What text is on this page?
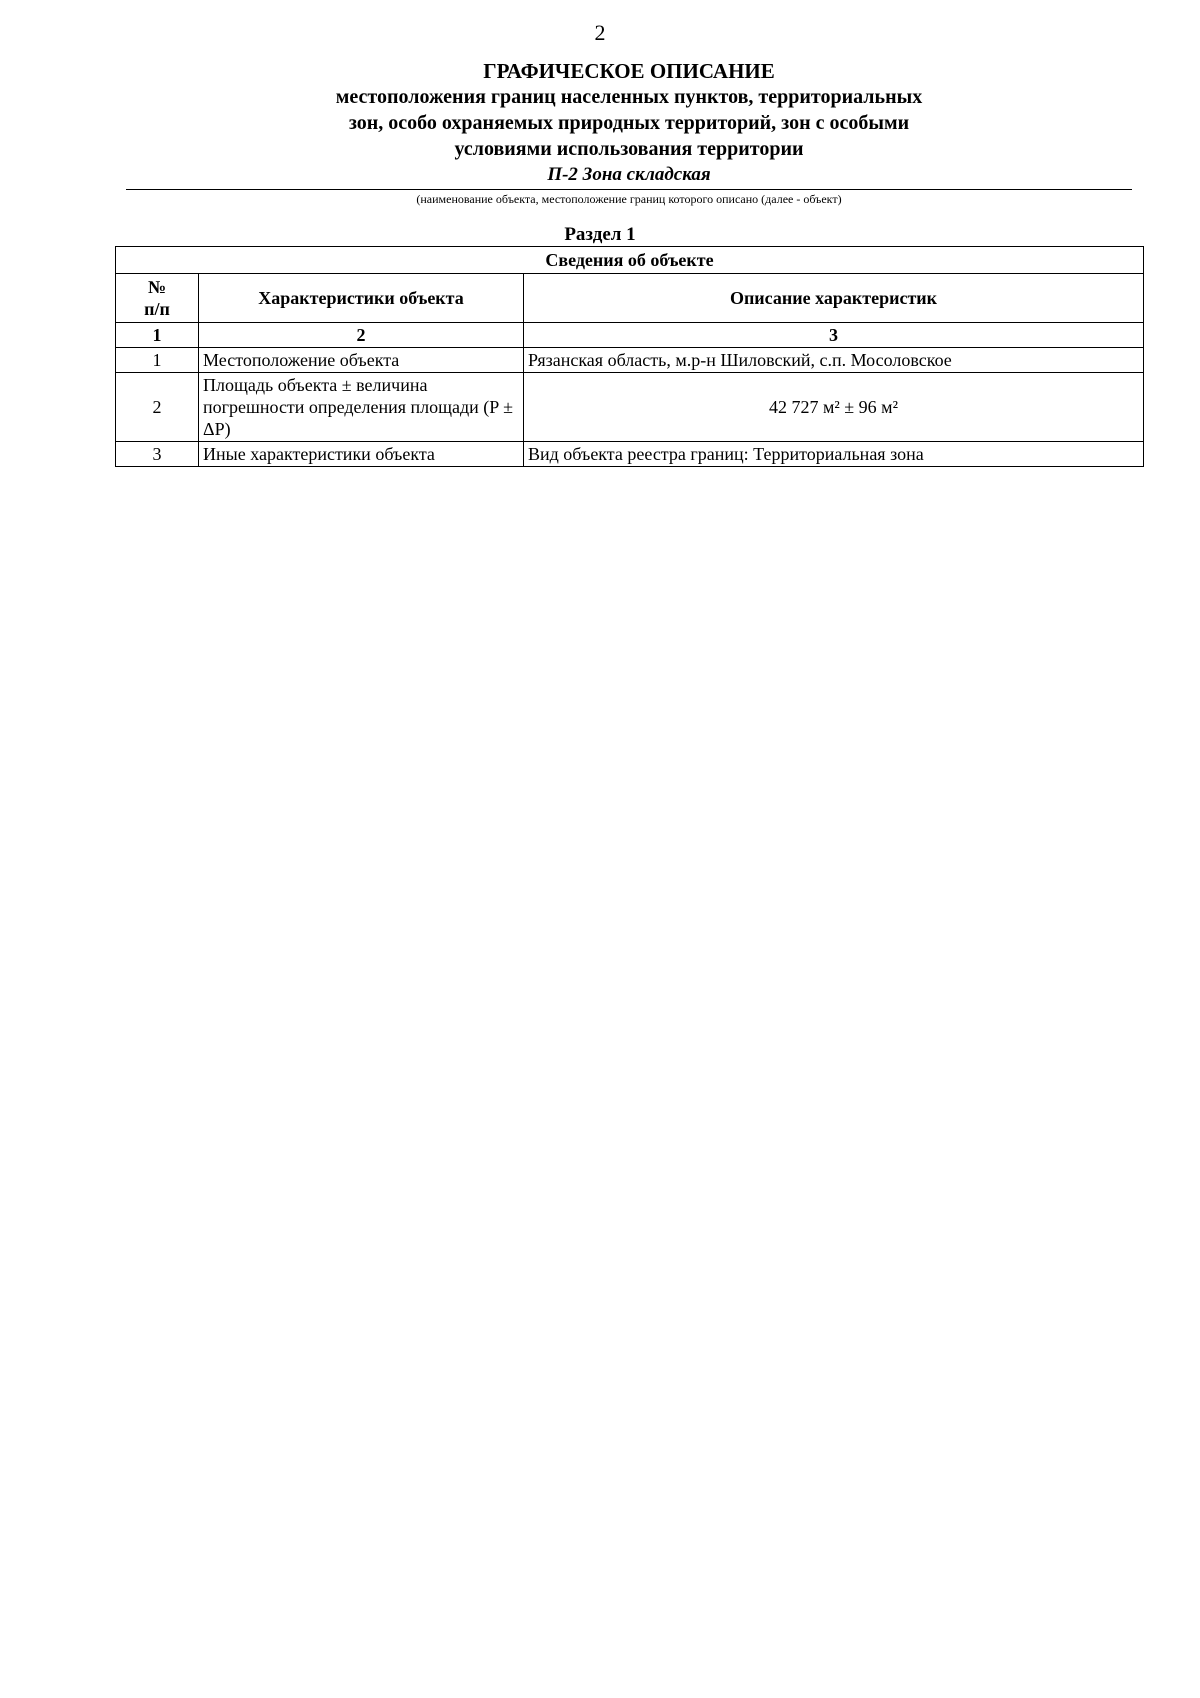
2
ГРАФИЧЕСКОЕ ОПИСАНИЕ
местоположения границ населенных пунктов, территориальных
зон, особо охраняемых природных территорий, зон с особыми
условиями использования территории
П-2 Зона складская
(наименование объекта, местоположение границ которого описано (далее - объект)
Раздел 1
Сведения об объекте		
№
п/п	Характеристики объекта	Описание характеристик
1	2	3
1	Местоположение объекта	Рязанская область, м.р-н Шиловский, с.п. Мосоловское
2	Площадь объекта ± величина погрешности определения площади (P ± ΔP)	42 727 м² ± 96 м²
3	Иные характеристики объекта	Вид объекта реестра границ: Территориальная зона
